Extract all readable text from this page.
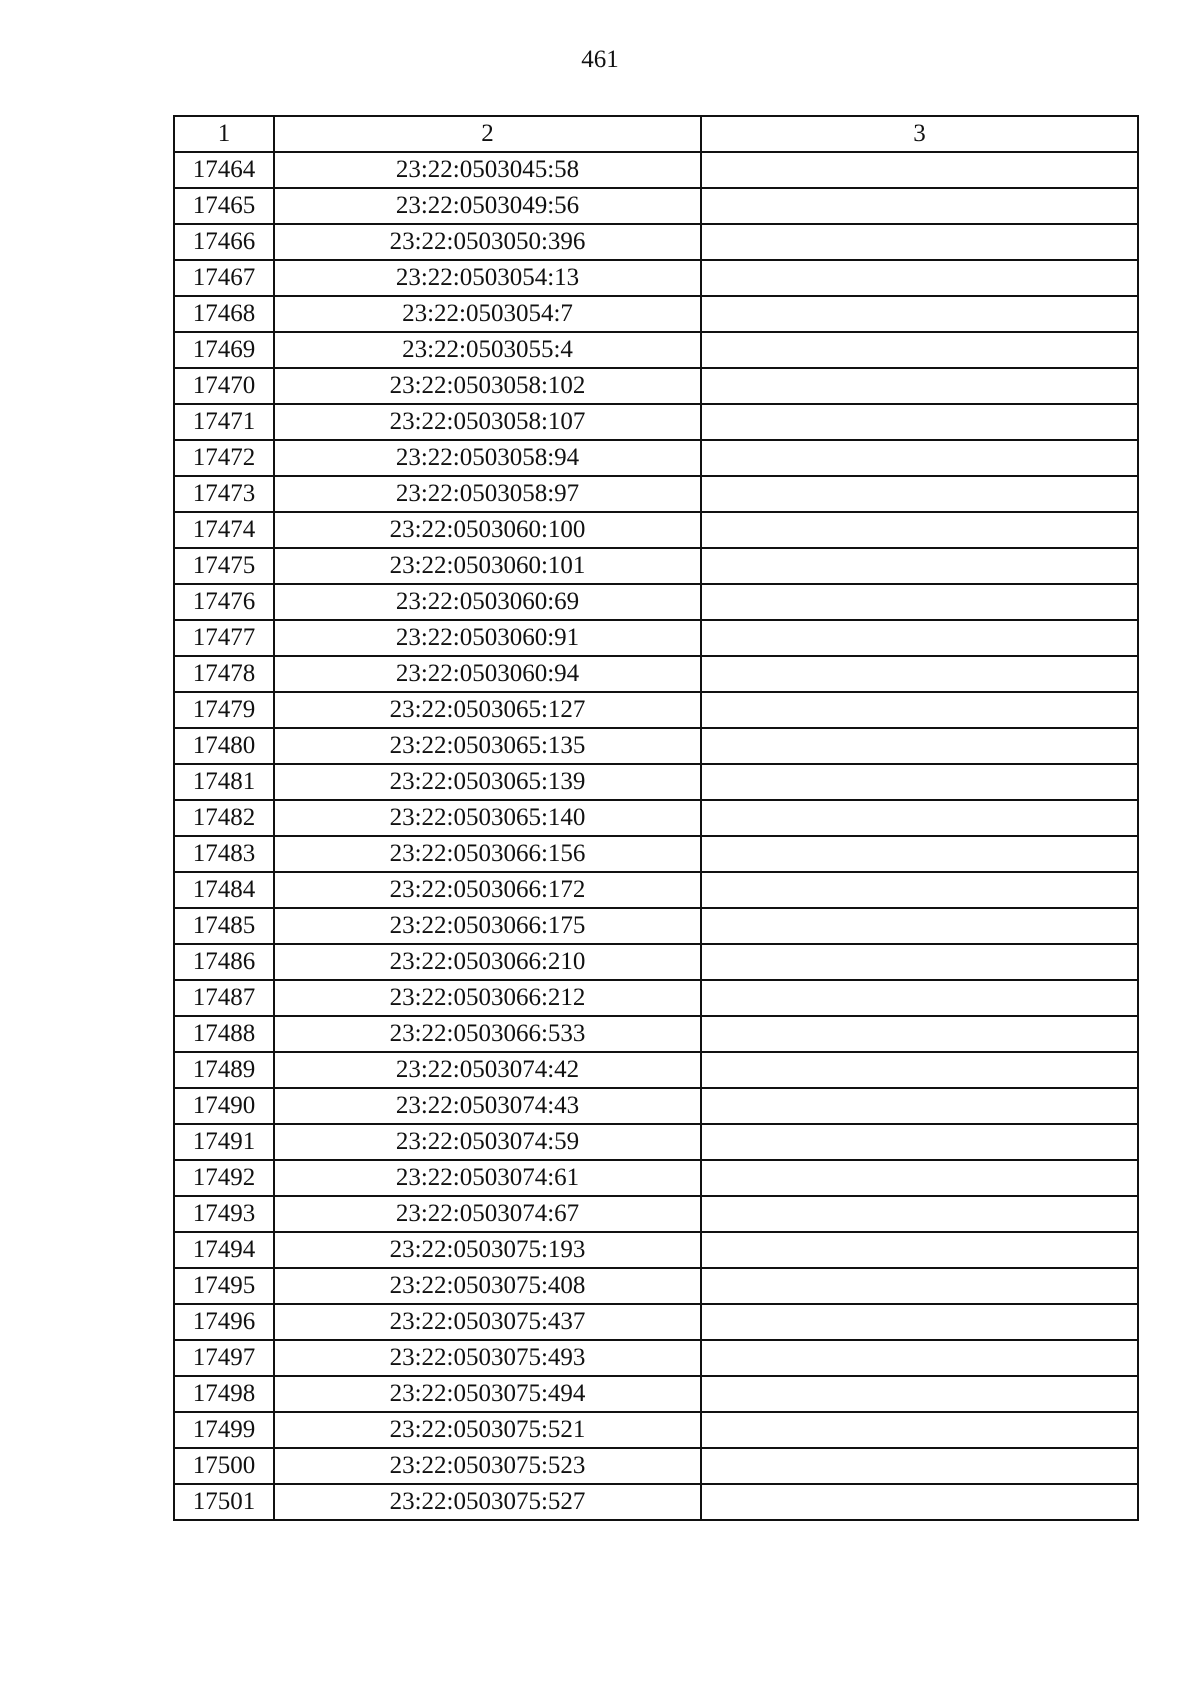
461
1	2	3
17464	23:22:0503045:58	
17465	23:22:0503049:56	
17466	23:22:0503050:396	
17467	23:22:0503054:13	
17468	23:22:0503054:7	
17469	23:22:0503055:4	
17470	23:22:0503058:102	
17471	23:22:0503058:107	
17472	23:22:0503058:94	
17473	23:22:0503058:97	
17474	23:22:0503060:100	
17475	23:22:0503060:101	
17476	23:22:0503060:69	
17477	23:22:0503060:91	
17478	23:22:0503060:94	
17479	23:22:0503065:127	
17480	23:22:0503065:135	
17481	23:22:0503065:139	
17482	23:22:0503065:140	
17483	23:22:0503066:156	
17484	23:22:0503066:172	
17485	23:22:0503066:175	
17486	23:22:0503066:210	
17487	23:22:0503066:212	
17488	23:22:0503066:533	
17489	23:22:0503074:42	
17490	23:22:0503074:43	
17491	23:22:0503074:59	
17492	23:22:0503074:61	
17493	23:22:0503074:67	
17494	23:22:0503075:193	
17495	23:22:0503075:408	
17496	23:22:0503075:437	
17497	23:22:0503075:493	
17498	23:22:0503075:494	
17499	23:22:0503075:521	
17500	23:22:0503075:523	
17501	23:22:0503075:527	
